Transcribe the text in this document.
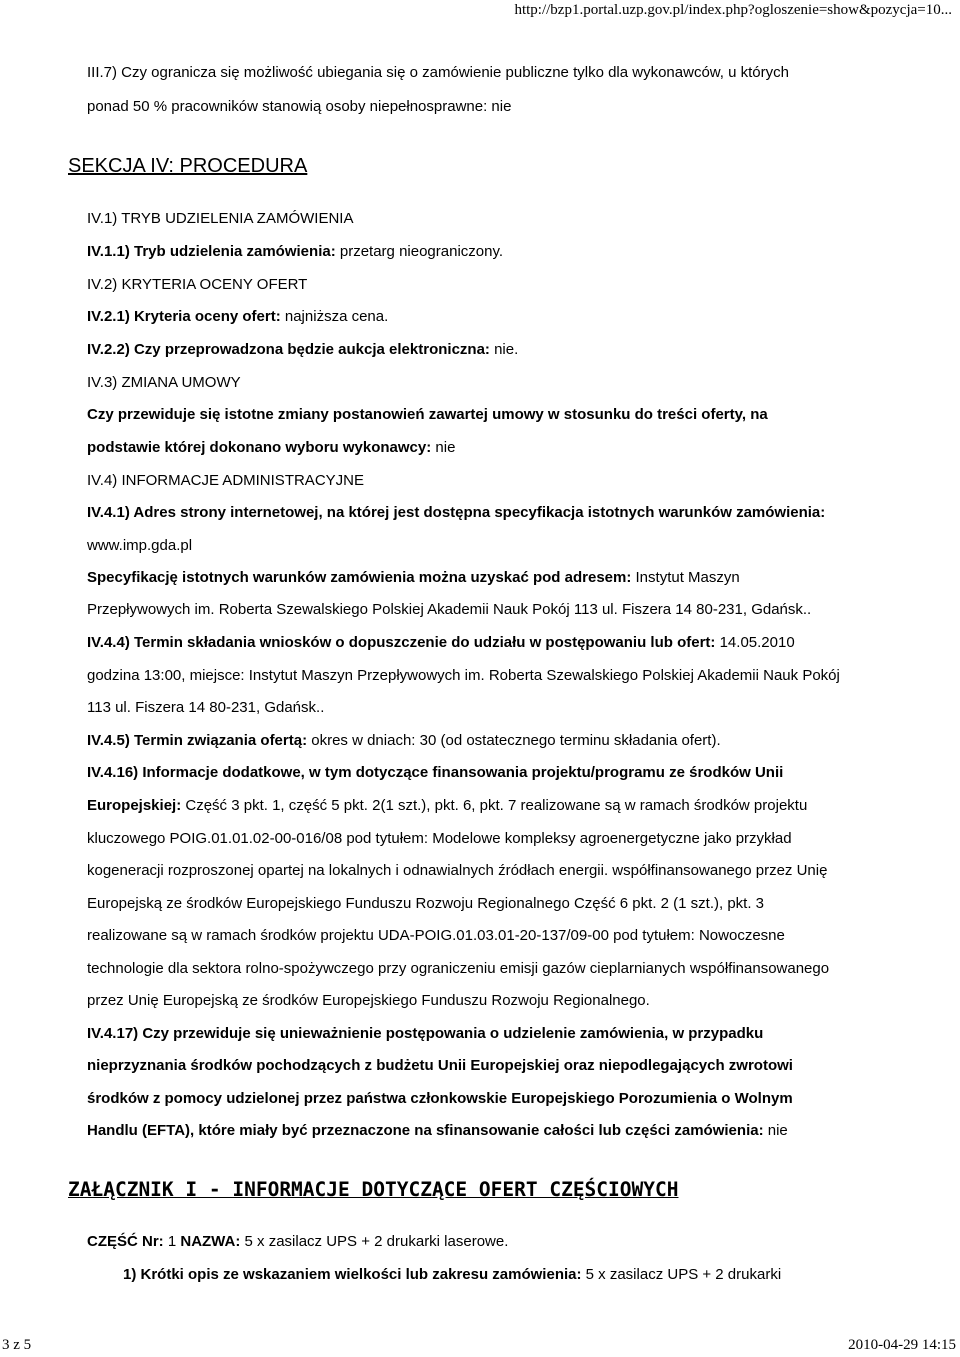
http://bzp1.portal.uzp.gov.pl/index.php?ogloszenie=show&pozycja=10...
III.7) Czy ogranicza się możliwość ubiegania się o zamówienie publiczne tylko dla wykonawców, u których
ponad 50 % pracowników stanowią osoby niepełnosprawne: nie
SEKCJA IV: PROCEDURA
IV.1) TRYB UDZIELENIA ZAMÓWIENIA
IV.1.1) Tryb udzielenia zamówienia: przetarg nieograniczony.
IV.2) KRYTERIA OCENY OFERT
IV.2.1) Kryteria oceny ofert: najniższa cena.
IV.2.2) Czy przeprowadzona będzie aukcja elektroniczna: nie.
IV.3) ZMIANA UMOWY
Czy przewiduje się istotne zmiany postanowień zawartej umowy w stosunku do treści oferty, na
podstawie której dokonano wyboru wykonawcy: nie
IV.4) INFORMACJE ADMINISTRACYJNE
IV.4.1) Adres strony internetowej, na której jest dostępna specyfikacja istotnych warunków zamówienia:
www.imp.gda.pl
Specyfikację istotnych warunków zamówienia można uzyskać pod adresem: Instytut Maszyn
Przepływowych im. Roberta Szewalskiego Polskiej Akademii Nauk Pokój 113 ul. Fiszera 14 80-231, Gdańsk..
IV.4.4) Termin składania wniosków o dopuszczenie do udziału w postępowaniu lub ofert: 14.05.2010
godzina 13:00, miejsce: Instytut Maszyn Przepływowych im. Roberta Szewalskiego Polskiej Akademii Nauk Pokój
113 ul. Fiszera 14 80-231, Gdańsk..
IV.4.5) Termin związania ofertą: okres w dniach: 30 (od ostatecznego terminu składania ofert).
IV.4.16) Informacje dodatkowe, w tym dotyczące finansowania projektu/programu ze środków Unii
Europejskiej: Część 3 pkt. 1, część 5 pkt. 2(1 szt.), pkt. 6, pkt. 7 realizowane są w ramach środków projektu
kluczowego POIG.01.01.02-00-016/08 pod tytułem: Modelowe kompleksy agroenergetyczne jako przykład
kogeneracji rozproszonej opartej na lokalnych i odnawialnych źródłach energii. współfinansowanego przez Unię
Europejską ze środków Europejskiego Funduszu Rozwoju Regionalnego Część 6 pkt. 2 (1 szt.), pkt. 3
realizowane są w ramach środków projektu UDA-POIG.01.03.01-20-137/09-00 pod tytułem: Nowoczesne
technologie dla sektora rolno-spożywczego przy ograniczeniu emisji gazów cieplarnianych współfinansowanego
przez Unię Europejską ze środków Europejskiego Funduszu Rozwoju Regionalnego.
IV.4.17) Czy przewiduje się unieważnienie postępowania o udzielenie zamówienia, w przypadku
nieprzyznania środków pochodzących z budżetu Unii Europejskiej oraz niepodlegających zwrotowi
środków z pomocy udzielonej przez państwa członkowskie Europejskiego Porozumienia o Wolnym
Handlu (EFTA), które miały być przeznaczone na sfinansowanie całości lub części zamówienia: nie
ZAŁĄCZNIK I - INFORMACJE DOTYCZĄCE OFERT CZĘŚCIOWYCH
CZĘŚĆ Nr: 1 NAZWA: 5 x zasilacz UPS + 2 drukarki laserowe.
1) Krótki opis ze wskazaniem wielkości lub zakresu zamówienia: 5 x zasilacz UPS + 2 drukarki
3 z 5	2010-04-29 14:15
